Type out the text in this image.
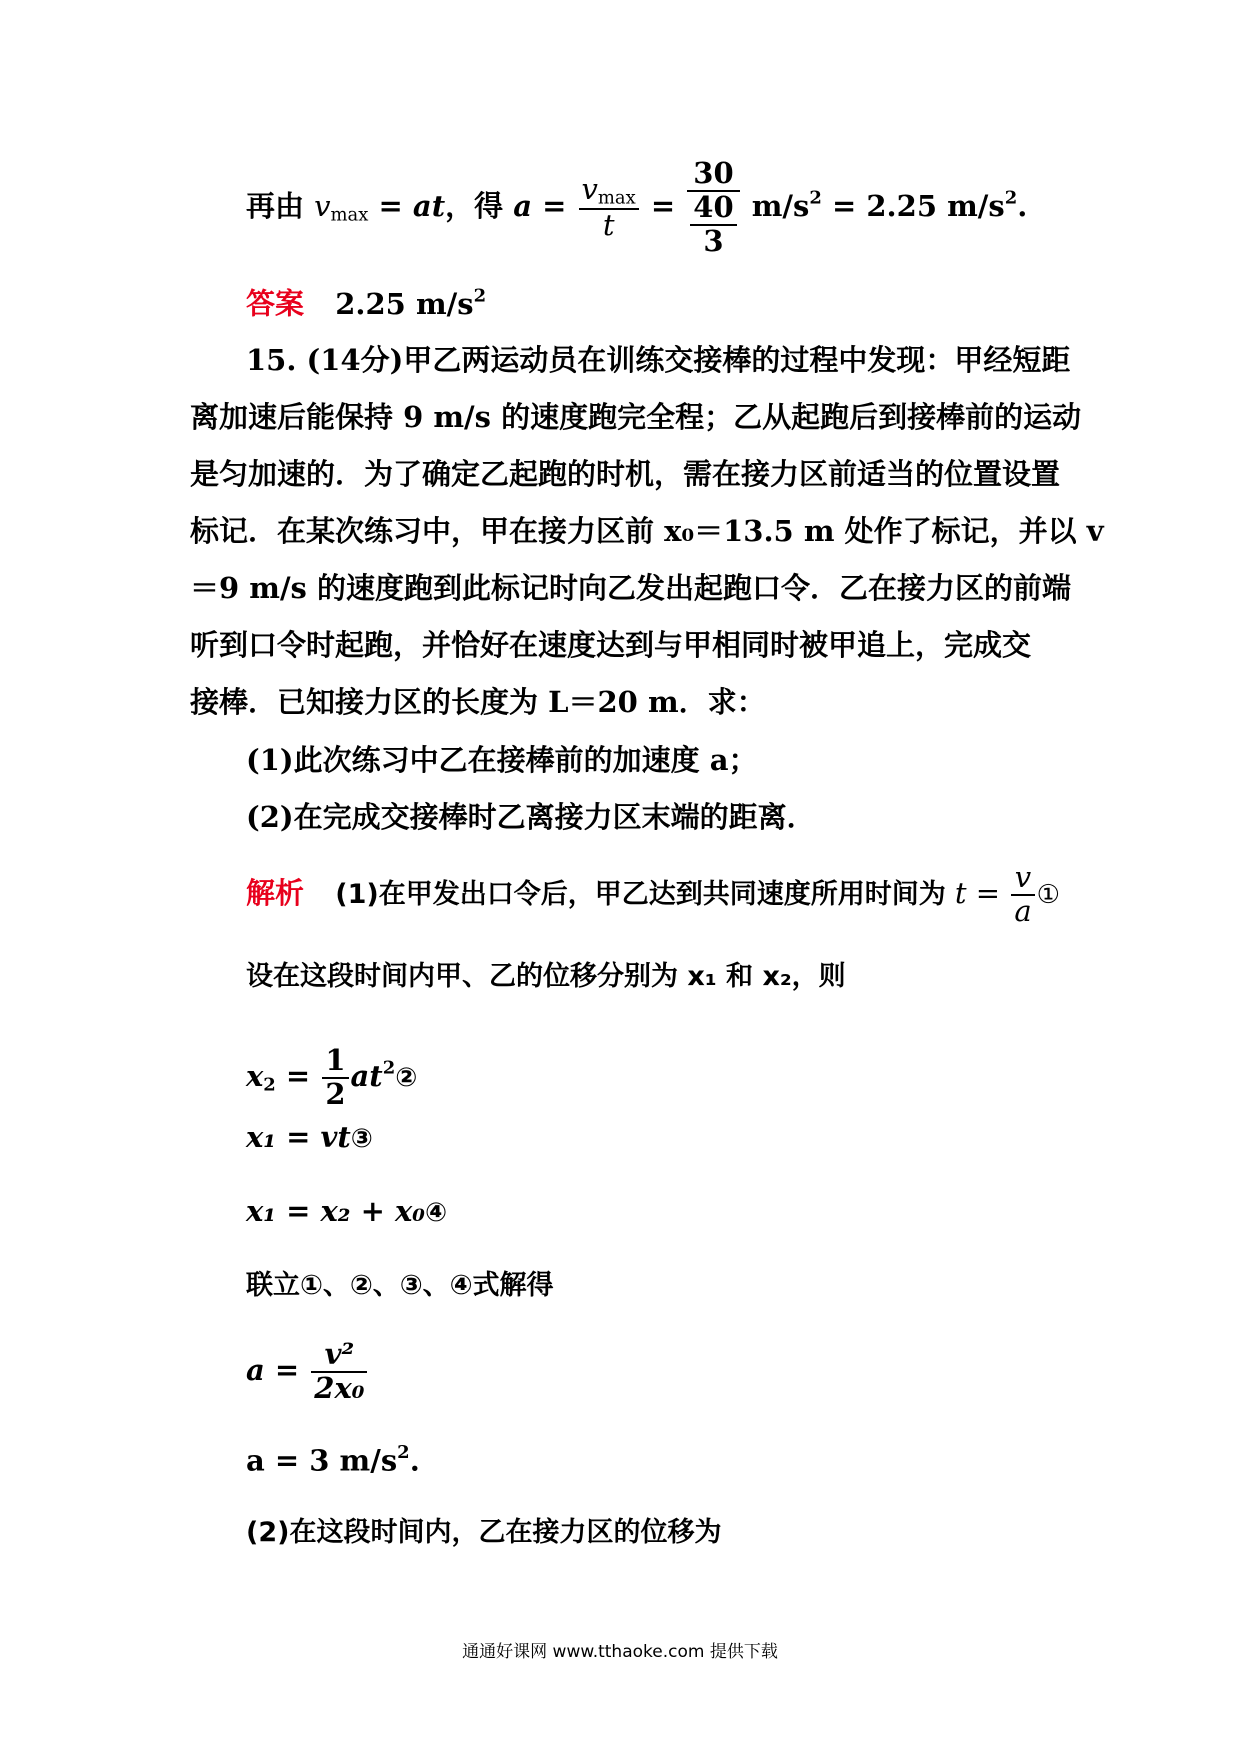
再由 $v_{max}$ = at，得 $a = \frac{v_{max}}{t} = 30$
40
3 $m/s^2 = 2.25$ $m/s^2$.
答案 2.25 $m/s^2$
15. (14分)甲乙两运动员在训练交接棒的过程中发现：甲经短距
离加速后能保持 9 m/s 的速度跑完全程；乙从起跑后到接棒前的运动
是匀加速的．为了确定乙起跑的时机，需在接力区前适当的位置设置
标记．在某次练习中，甲在接力区前 x₀＝13.5 m 处作了标记，并以 v
＝9 m/s 的速度跑到此标记时向乙发出起跑口令．乙在接力区的前端
听到口令时起跑，并恰好在速度达到与甲相同时被甲追上，完成交
接棒．已知接力区的长度为 L＝20 m．求：
(1)此次练习中乙在接棒前的加速度 a；
(2)在完成交接棒时乙离接力区末端的距离．
解析 (1)在甲发出口令后，甲乙达到共同速度所用时间为 $t = \frac{v}{a}$ ①
设在这段时间内甲、乙的位移分别为 x₁ 和 x₂，则
$x_2 = \frac{1}{2}$ $at^2②$
x₁ = vt③
x₁ = x₂ + x₀④
联立①、②、③、④式解得
$a = \frac{\text{v²}}{\text{2x₀}}$
a = 3 $m/s^2$.
(2)在这段时间内，乙在接力区的位移为
通通好课网 www.tthaoke.com 提供下载
